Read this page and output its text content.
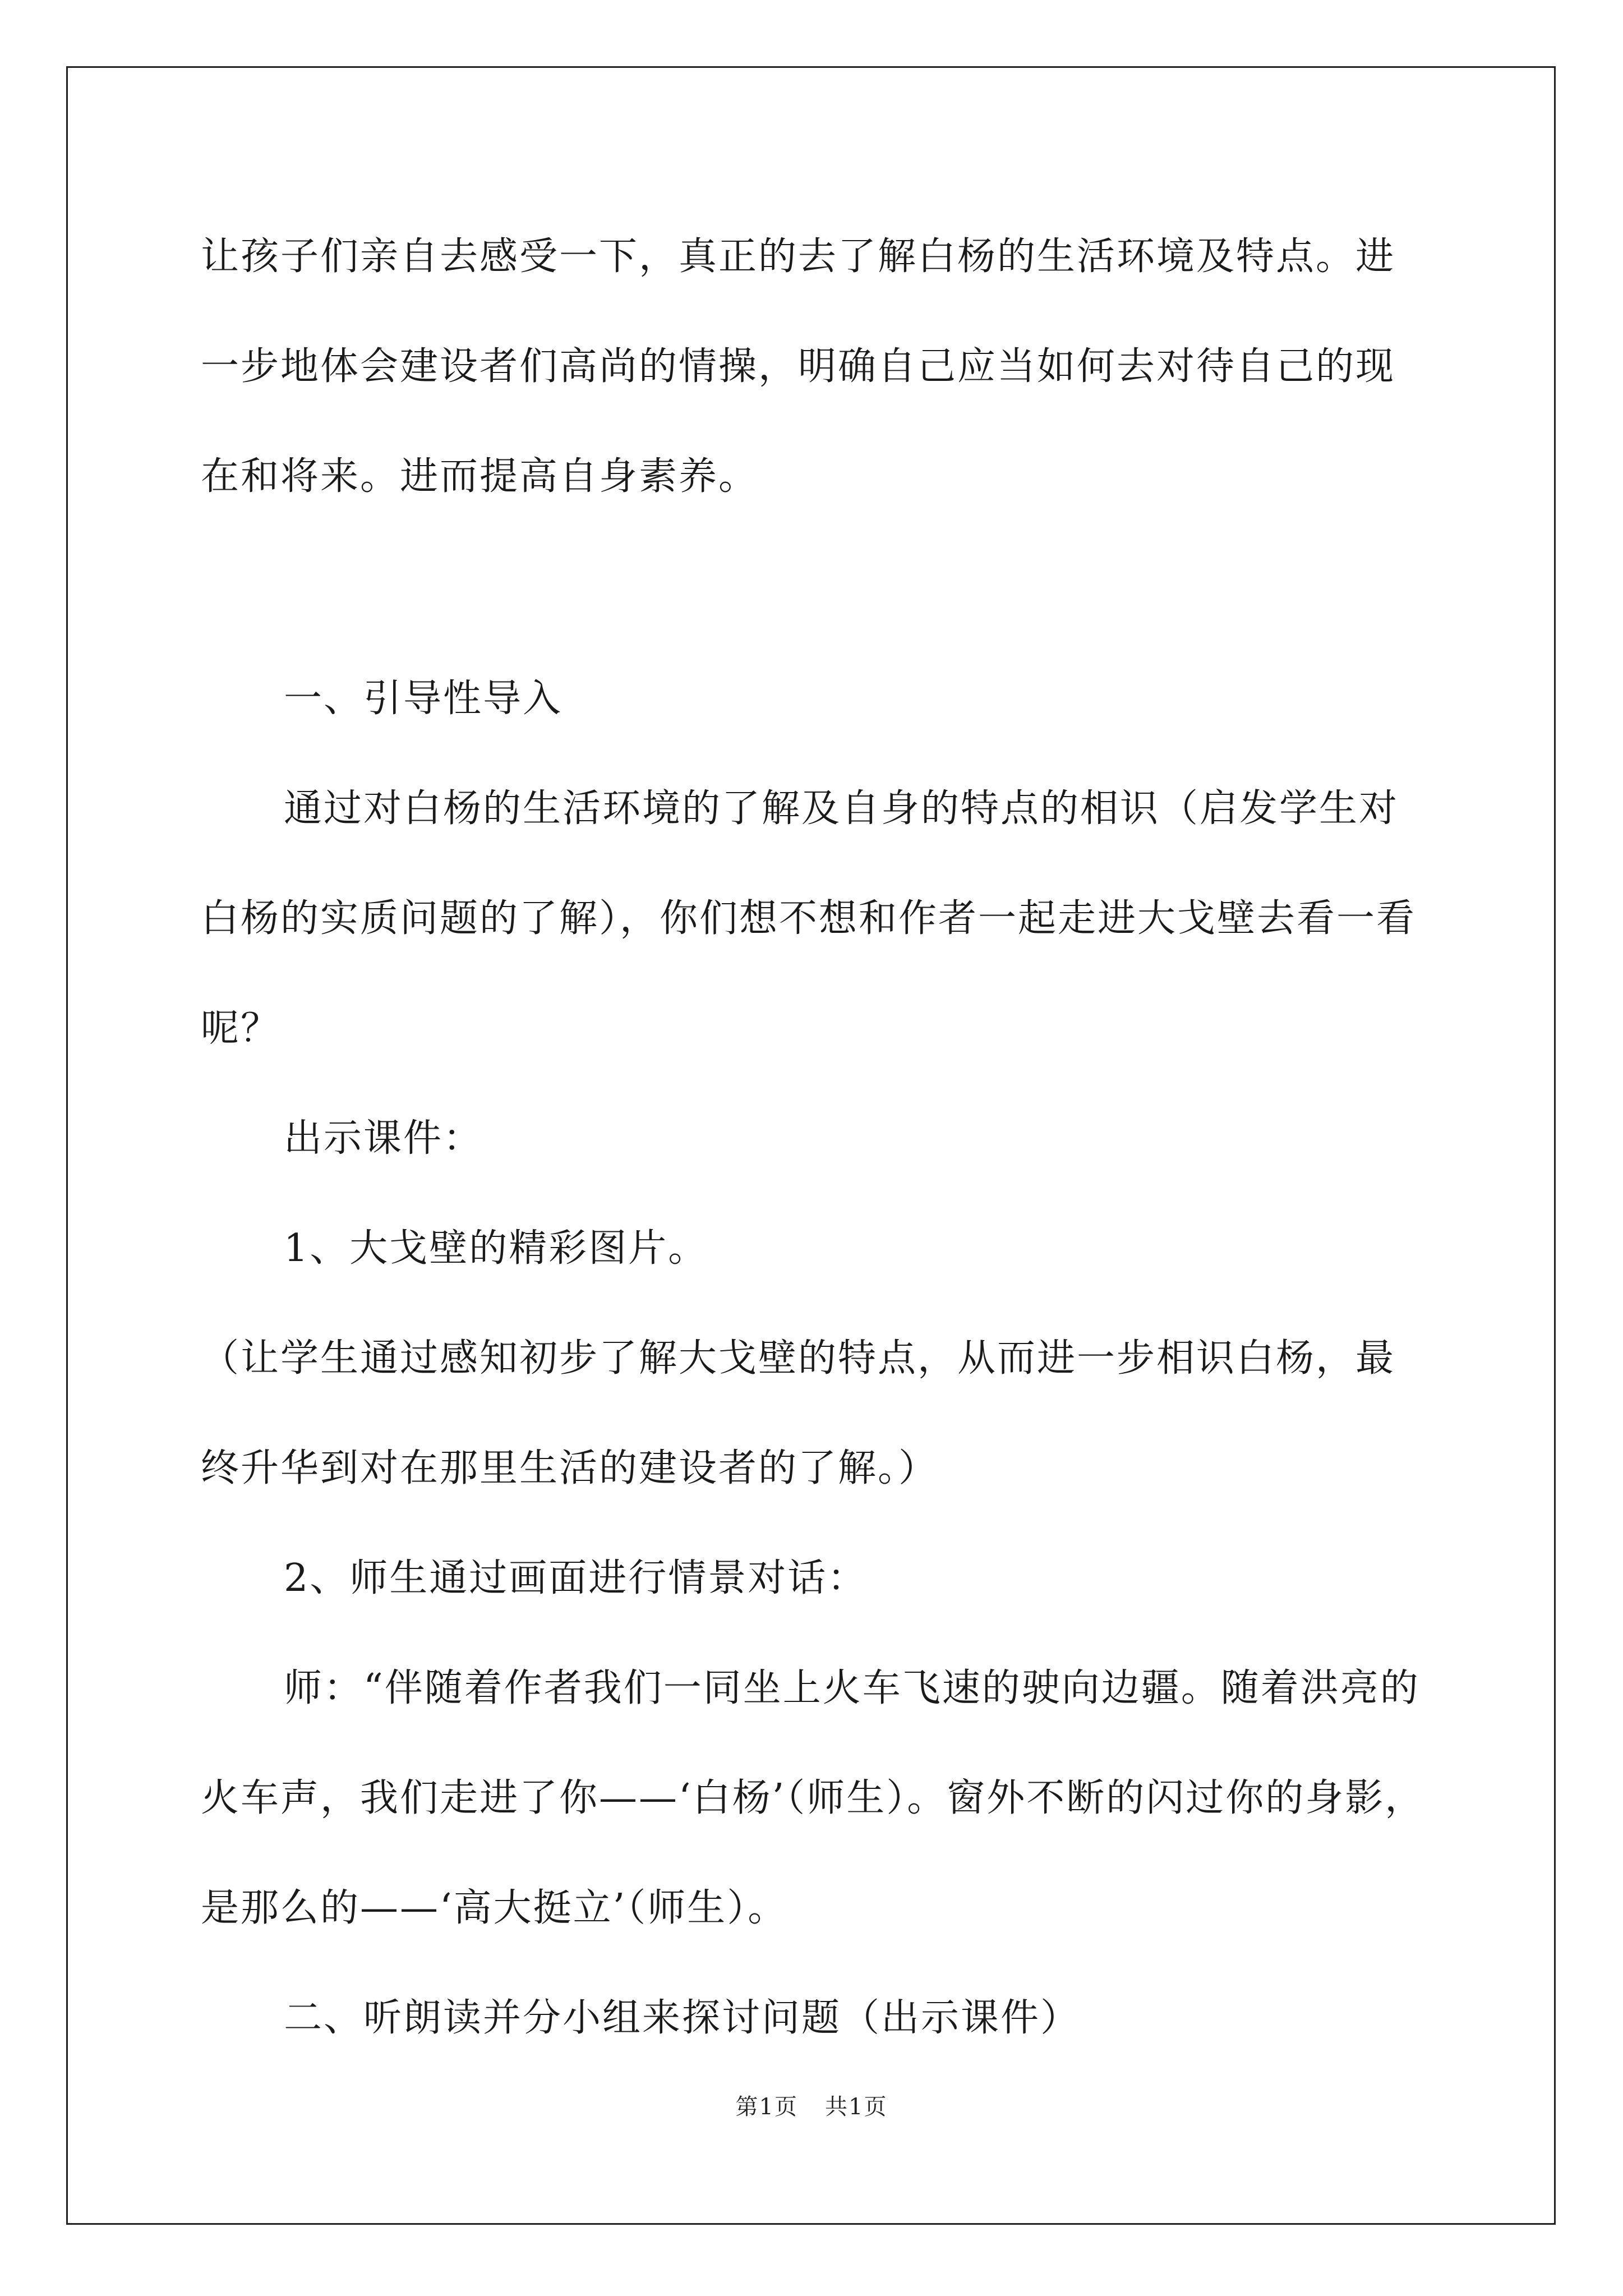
让孩子们亲自去感受一下，真正的去了解白杨的生活环境及特点。进一步地体会建设者们高尚的情操，明确自己应当如何去对待自己的现在和将来。进而提高自身素养。

一、引导性导入

通过对白杨的生活环境的了解及自身的特点的相识（启发学生对白杨的实质问题的了解），你们想不想和作者一起走进大戈壁去看一看呢？

出示课件：

1、大戈壁的精彩图片。

（让学生通过感知初步了解大戈壁的特点，从而进一步相识白杨，最终升华到对在那里生活的建设者的了解。）

2、师生通过画面进行情景对话：

师：“伴随着作者我们一同坐上火车飞速的驶向边疆。随着洪亮的火车声，我们走进了你——‘白杨’（师生）。窗外不断的闪过你的身影，是那么的——‘高大挺立’（师生）。

二、听朗读并分小组来探讨问题（出示课件）

第1页 共1页
